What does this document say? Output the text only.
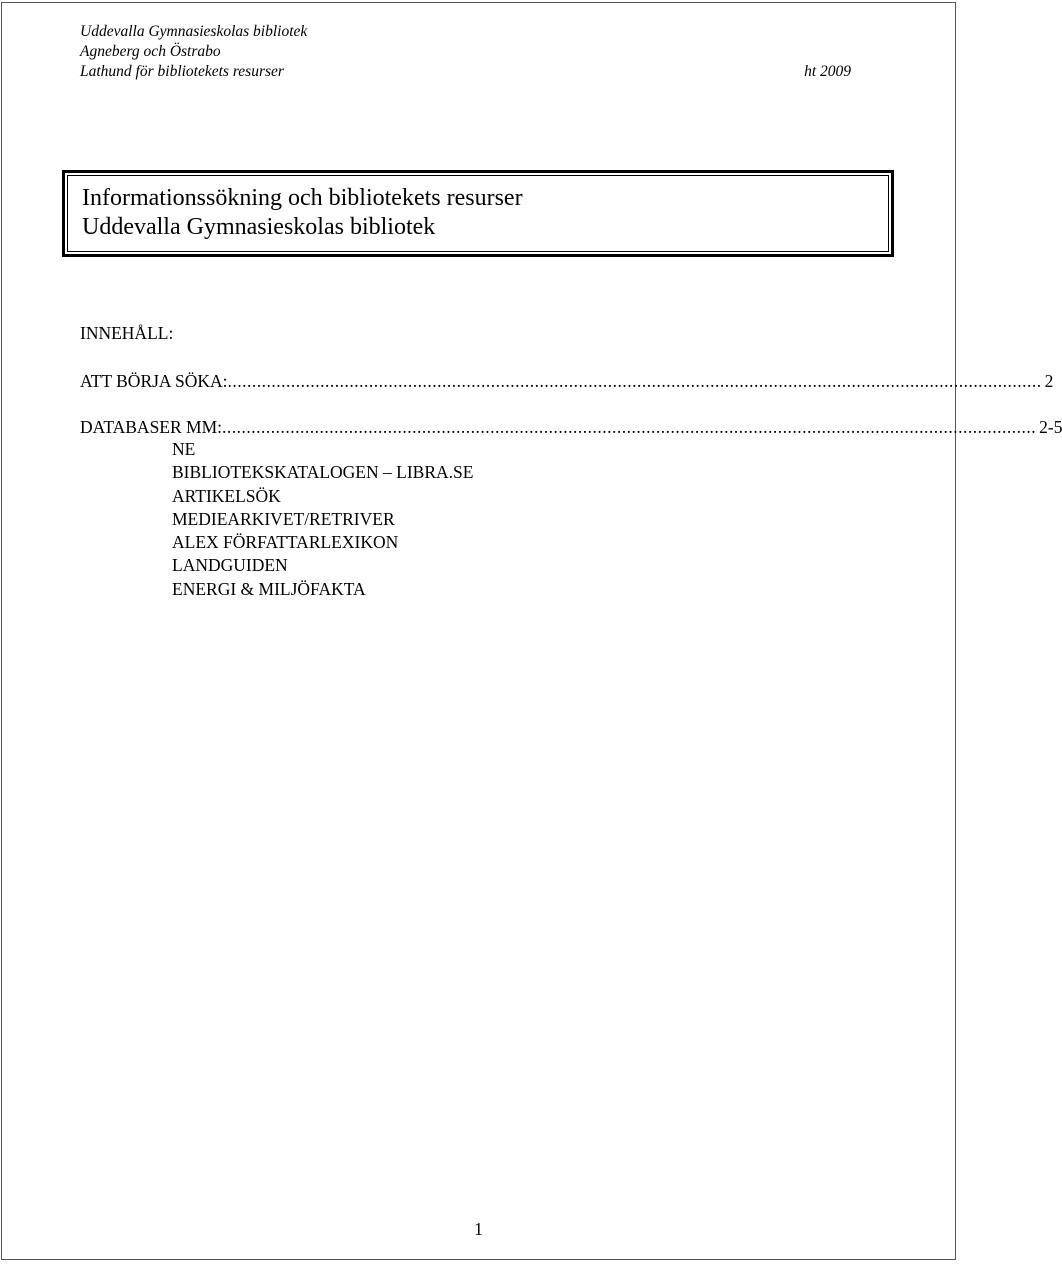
Uddevalla Gymnasieskolas bibliotek
Agneberg och Östrabo
Lathund för bibliotekets resurser	ht 2009
Informationssökning och bibliotekets resurser
Uddevalla Gymnasieskolas bibliotek
INNEHÅLL:
ATT BÖRJA SÖKA: ....................................................................................................................................................................... 2
DATABASER MM: ....................................................................................................................................................................... 2-5
NE
BIBLIOTEKSKATALOGEN – LIBRA.SE
ARTIKELSÖK
MEDIEARKIVET/RETRIVER
ALEX FÖRFATTARLEXIKON
LANDGUIDEN
ENERGI & MILJÖFAKTA
1
